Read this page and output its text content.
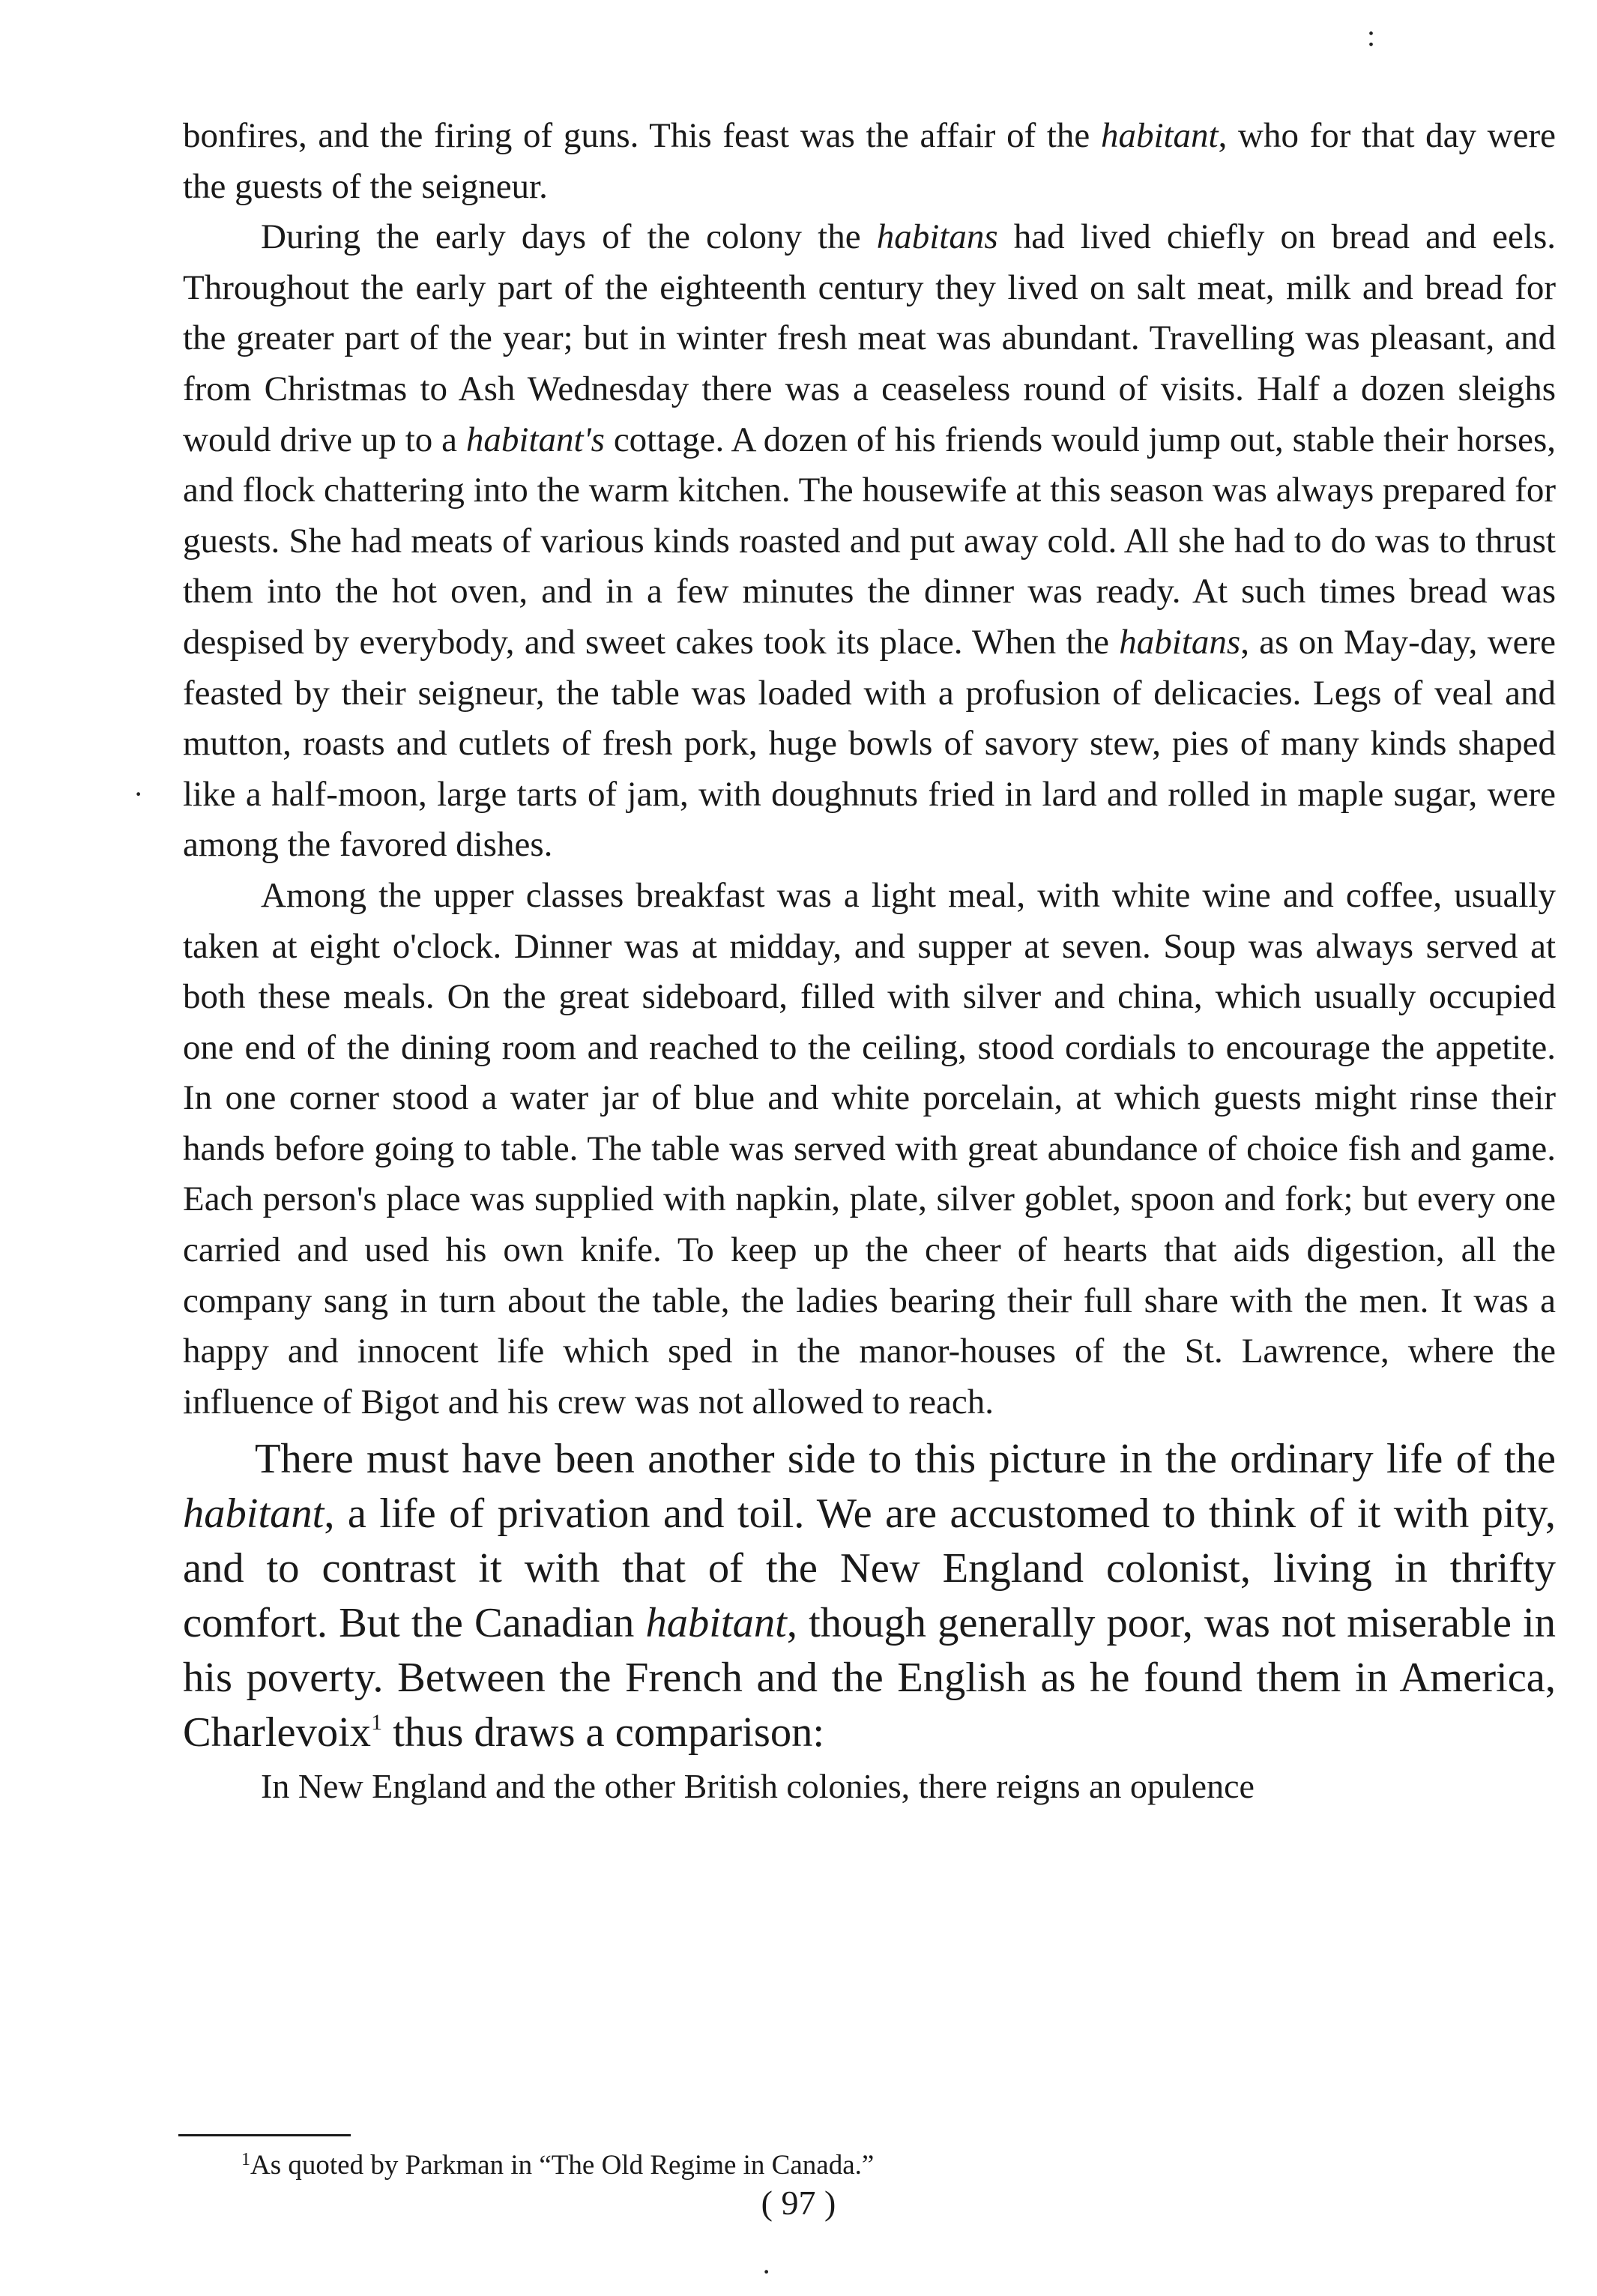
:
·
·

bonfires, and the firing of guns. This feast was the affair of the habitant, who for that day were the guests of the seigneur.

During the early days of the colony the habitans had lived chiefly on bread and eels. Throughout the early part of the eighteenth century they lived on salt meat, milk and bread for the greater part of the year; but in winter fresh meat was abundant. Travelling was pleasant, and from Christmas to Ash Wednesday there was a ceaseless round of visits. Half a dozen sleighs would drive up to a habitant's cottage. A dozen of his friends would jump out, stable their horses, and flock chattering into the warm kitchen. The housewife at this season was always prepared for guests. She had meats of various kinds roasted and put away cold. All she had to do was to thrust them into the hot oven, and in a few minutes the dinner was ready. At such times bread was despised by everybody, and sweet cakes took its place. When the habitans, as on May-day, were feasted by their seigneur, the table was loaded with a profusion of delicacies. Legs of veal and mutton, roasts and cutlets of fresh pork, huge bowls of savory stew, pies of many kinds shaped like a half-moon, large tarts of jam, with doughnuts fried in lard and rolled in maple sugar, were among the favored dishes.

Among the upper classes breakfast was a light meal, with white wine and coffee, usually taken at eight o'clock. Dinner was at midday, and supper at seven. Soup was always served at both these meals. On the great sideboard, filled with silver and china, which usually occupied one end of the dining room and reached to the ceiling, stood cordials to encourage the appetite. In one corner stood a water jar of blue and white porcelain, at which guests might rinse their hands before going to table. The table was served with great abundance of choice fish and game. Each person's place was supplied with napkin, plate, silver goblet, spoon and fork; but every one carried and used his own knife. To keep up the cheer of hearts that aids digestion, all the company sang in turn about the table, the ladies bearing their full share with the men. It was a happy and innocent life which sped in the manor-houses of the St. Lawrence, where the influence of Bigot and his crew was not allowed to reach.

There must have been another side to this picture in the ordinary life of the habitant, a life of privation and toil. We are accustomed to think of it with pity, and to contrast it with that of the New England colonist, living in thrifty comfort. But the Canadian habitant, though generally poor, was not miserable in his poverty. Between the French and the English as he found them in America, Charlevoix$^1$ thus draws a comparison:

In New England and the other British colonies, there reigns an opulence

$^1$As quoted by Parkman in “The Old Regime in Canada.”
( 97 )
